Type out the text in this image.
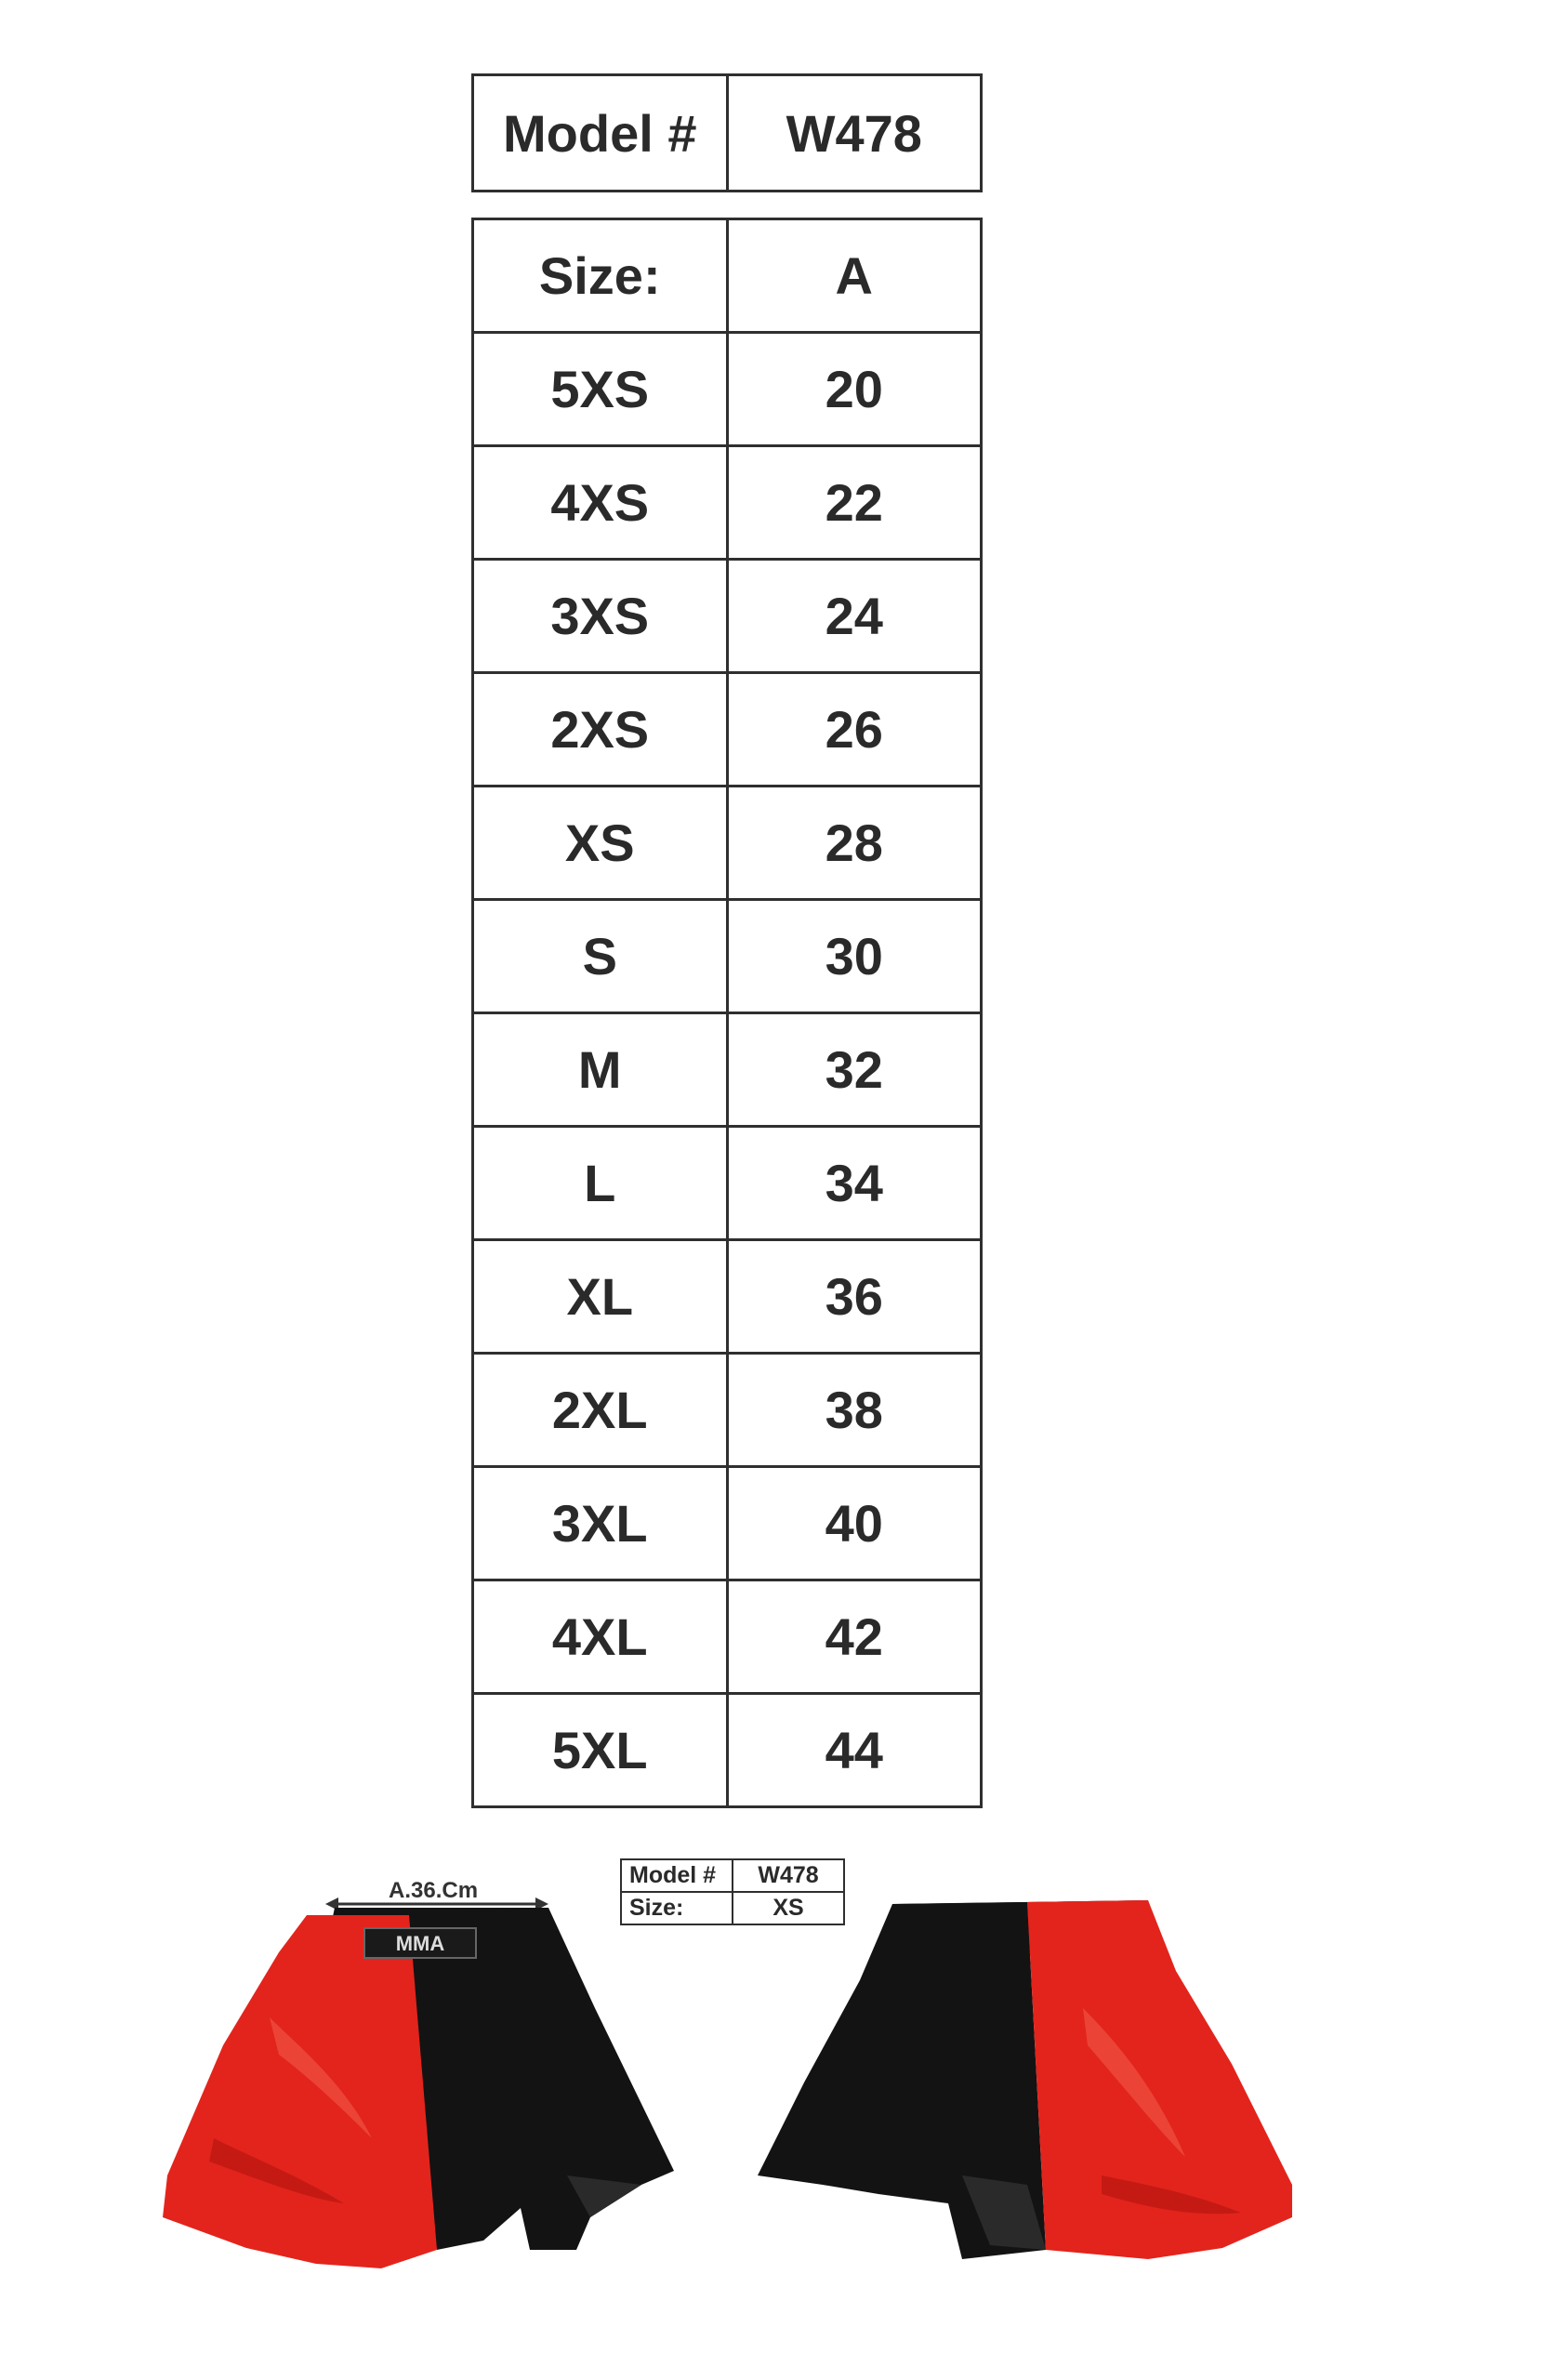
Model #	W478
Size:	A
5XS	20
4XS	22
3XS	24
2XS	26
XS	28
S	30
M	32
L	34
XL	36
2XL	38
3XL	40
4XL	42
5XL	44
A.36.Cm
Model #	W478
Size:	XS
MMA
